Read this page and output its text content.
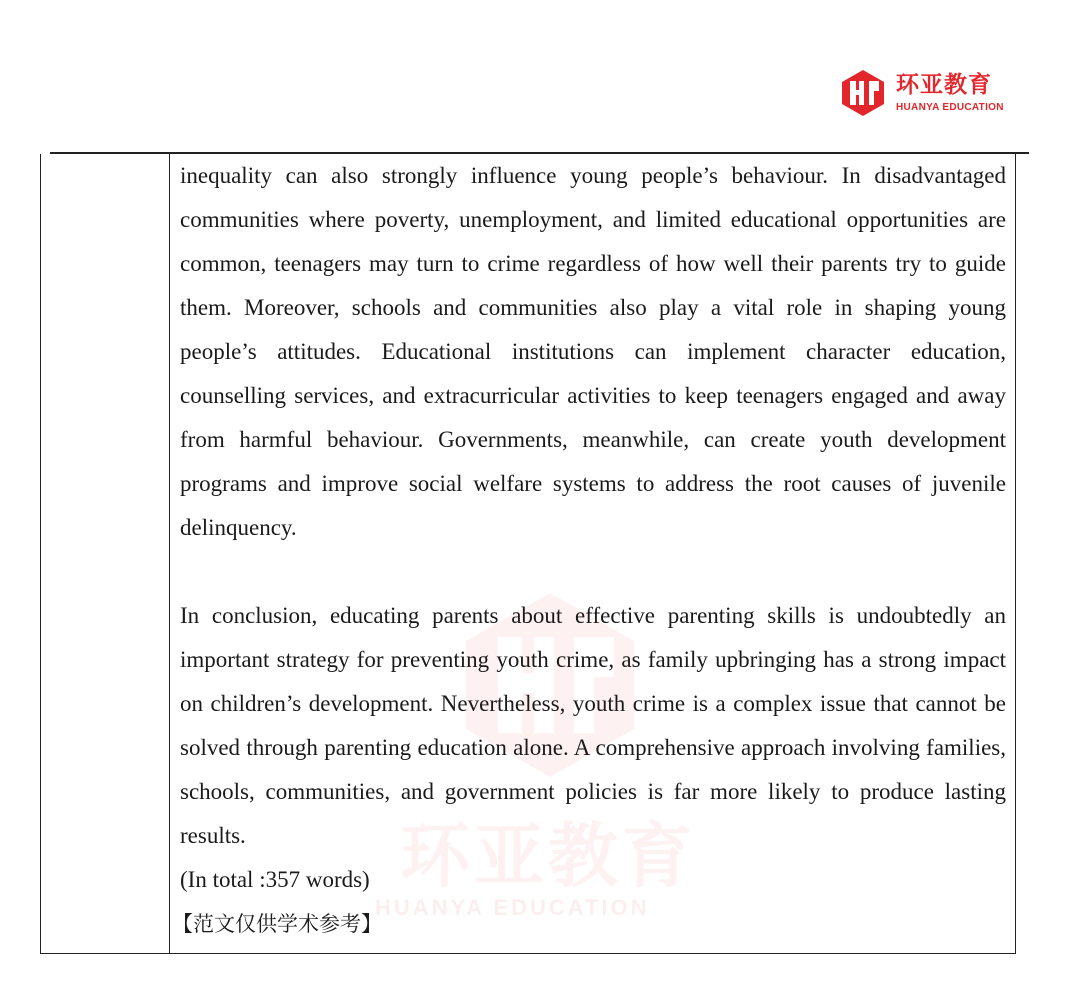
环亚教育
HUANYA EDUCATION
环亚教育
HUANYA EDUCATION

inequality can also strongly influence young people’s behaviour. In disadvantaged communities where poverty, unemployment, and limited educational opportunities are common, teenagers may turn to crime regardless of how well their parents try to guide them. Moreover, schools and communities also play a vital role in shaping young people’s attitudes. Educational institutions can implement character education, counselling services, and extracurricular activities to keep teenagers engaged and away from harmful behaviour. Governments, meanwhile, can create youth development programs and improve social welfare systems to address the root causes of juvenile delinquency.

In conclusion, educating parents about effective parenting skills is undoubtedly an important strategy for preventing youth crime, as family upbringing has a strong impact on children’s development. Nevertheless, youth crime is a complex issue that cannot be solved through parenting education alone. A comprehensive approach involving families, schools, communities, and government policies is far more likely to produce lasting results.

(In total :357 words)

【范文仅供学术参考】
